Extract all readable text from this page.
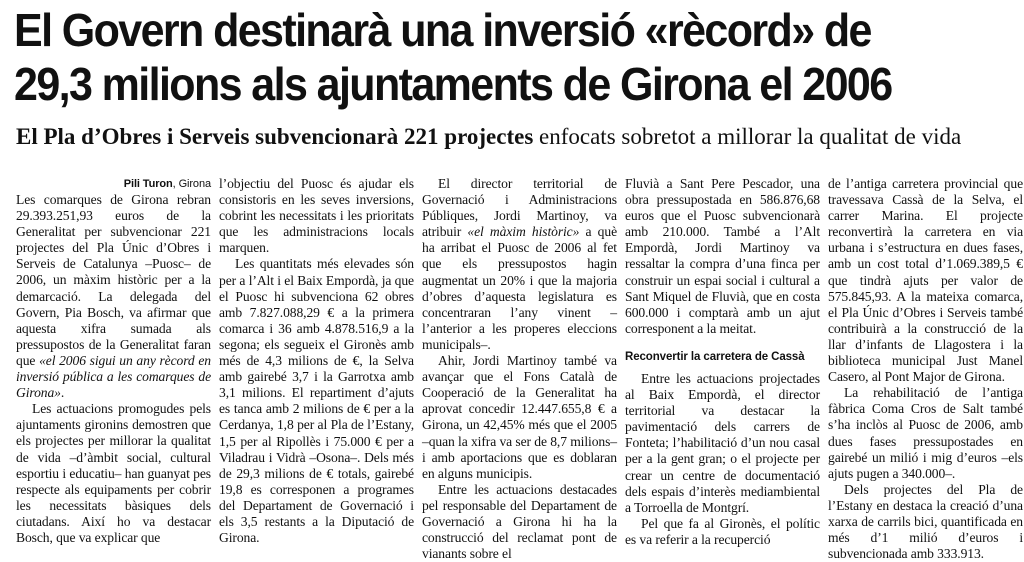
El Govern destinarà una inversió «rècord» de
29,3 milions als ajuntaments de Girona el 2006
El Pla d’Obres i Serveis subvencionarà 221 projectes enfocats sobretot a millorar la qualitat de vida
Pili Turon, Girona

Les comarques de Girona rebran 29.393.251,93 euros de la Generalitat per subvencionar 221 projectes del Pla Únic d’Obres i Serveis de Catalunya –Puosc– de 2006, un màxim històric per a la demarcació. La delegada del Govern, Pia Bosch, va afirmar que aquesta xifra sumada als pressupostos de la Generalitat faran que «el 2006 sigui un any rècord en inversió pública a les comarques de Girona».

Les actuacions promogudes pels ajuntaments gironins demostren que els projectes per millorar la qualitat de vida –d’àmbit social, cultural esportiu i educatiu– han guanyat pes respecte als equipaments per cobrir les necessitats bàsiques dels ciutadans. Així ho va destacar Bosch, que va explicar que

l’objectiu del Puosc és ajudar els consistoris en les seves inversions, cobrint les necessitats i les prioritats que les administracions locals marquen.

Les quantitats més elevades són per a l’Alt i el Baix Empordà, ja que el Puosc hi subvenciona 62 obres amb 7.827.088,29 € a la primera comarca i 36 amb 4.878.516,9 a la segona; els segueix el Gironès amb més de 4,3 milions de €, la Selva amb gairebé 3,7 i la Garrotxa amb 3,1 milions. El repartiment d’ajuts es tanca amb 2 milions de € per a la Cerdanya, 1,8 per al Pla de l’Estany, 1,5 per al Ripollès i 75.000 € per a Viladrau i Vidrà –Osona–. Dels més de 29,3 milions de € totals, gairebé 19,8 es corresponen a programes del Departament de Governació i els 3,5 restants a la Diputació de Girona.

El director territorial de Governació i Administracions Públiques, Jordi Martinoy, va atribuir «el màxim històric» a què ha arribat el Puosc de 2006 al fet que els pressupostos hagin augmentat un 20% i que la majoria d’obres d’aquesta legislatura es concentraran l’any vinent –l’anterior a les properes eleccions municipals–.

Ahir, Jordi Martinoy també va avançar que el Fons Català de Cooperació de la Generalitat ha aprovat concedir 12.447.655,8 € a Girona, un 42,45% més que el 2005 –quan la xifra va ser de 8,7 milions– i amb aportacions que es doblaran en alguns municipis.

Entre les actuacions destacades pel responsable del Departament de Governació a Girona hi ha la construcció del reclamat pont de vianants sobre el

Fluvià a Sant Pere Pescador, una obra pressupostada en 586.876,68 euros que el Puosc subvencionarà amb 210.000. També a l’Alt Empordà, Jordi Martinoy va ressaltar la compra d’una finca per construir un espai social i cultural a Sant Miquel de Fluvià, que en costa 600.000 i comptarà amb un ajut corresponent a la meitat.

Reconvertir la carretera de Cassà

Entre les actuacions projectades al Baix Empordà, el director territorial va destacar la pavimentació dels carrers de Fonteta; l’habilitació d’un nou casal per a la gent gran; o el projecte per crear un centre de documentació dels espais d’interès mediambiental a Torroella de Montgrí.

Pel que fa al Gironès, el polític es va referir a la recuperció

de l’antiga carretera provincial que travessava Cassà de la Selva, el carrer Marina. El projecte reconvertirà la carretera en via urbana i s’estructura en dues fases, amb un cost total d’1.069.389,5 € que tindrà ajuts per valor de 575.845,93. A la mateixa comarca, el Pla Únic d’Obres i Serveis també contribuirà a la construcció de la llar d’infants de Llagostera i la biblioteca municipal Just Manel Casero, al Pont Major de Girona.

La rehabilitació de l’antiga fàbrica Coma Cros de Salt també s’ha inclòs al Puosc de 2006, amb dues fases pressupostades en gairebé un milió i mig d’euros –els ajuts pugen a 340.000–.

Dels projectes del Pla de l’Estany en destaca la creació d’una xarxa de carrils bici, quantificada en més d’1 milió d’euros i subvencionada amb 333.913.
